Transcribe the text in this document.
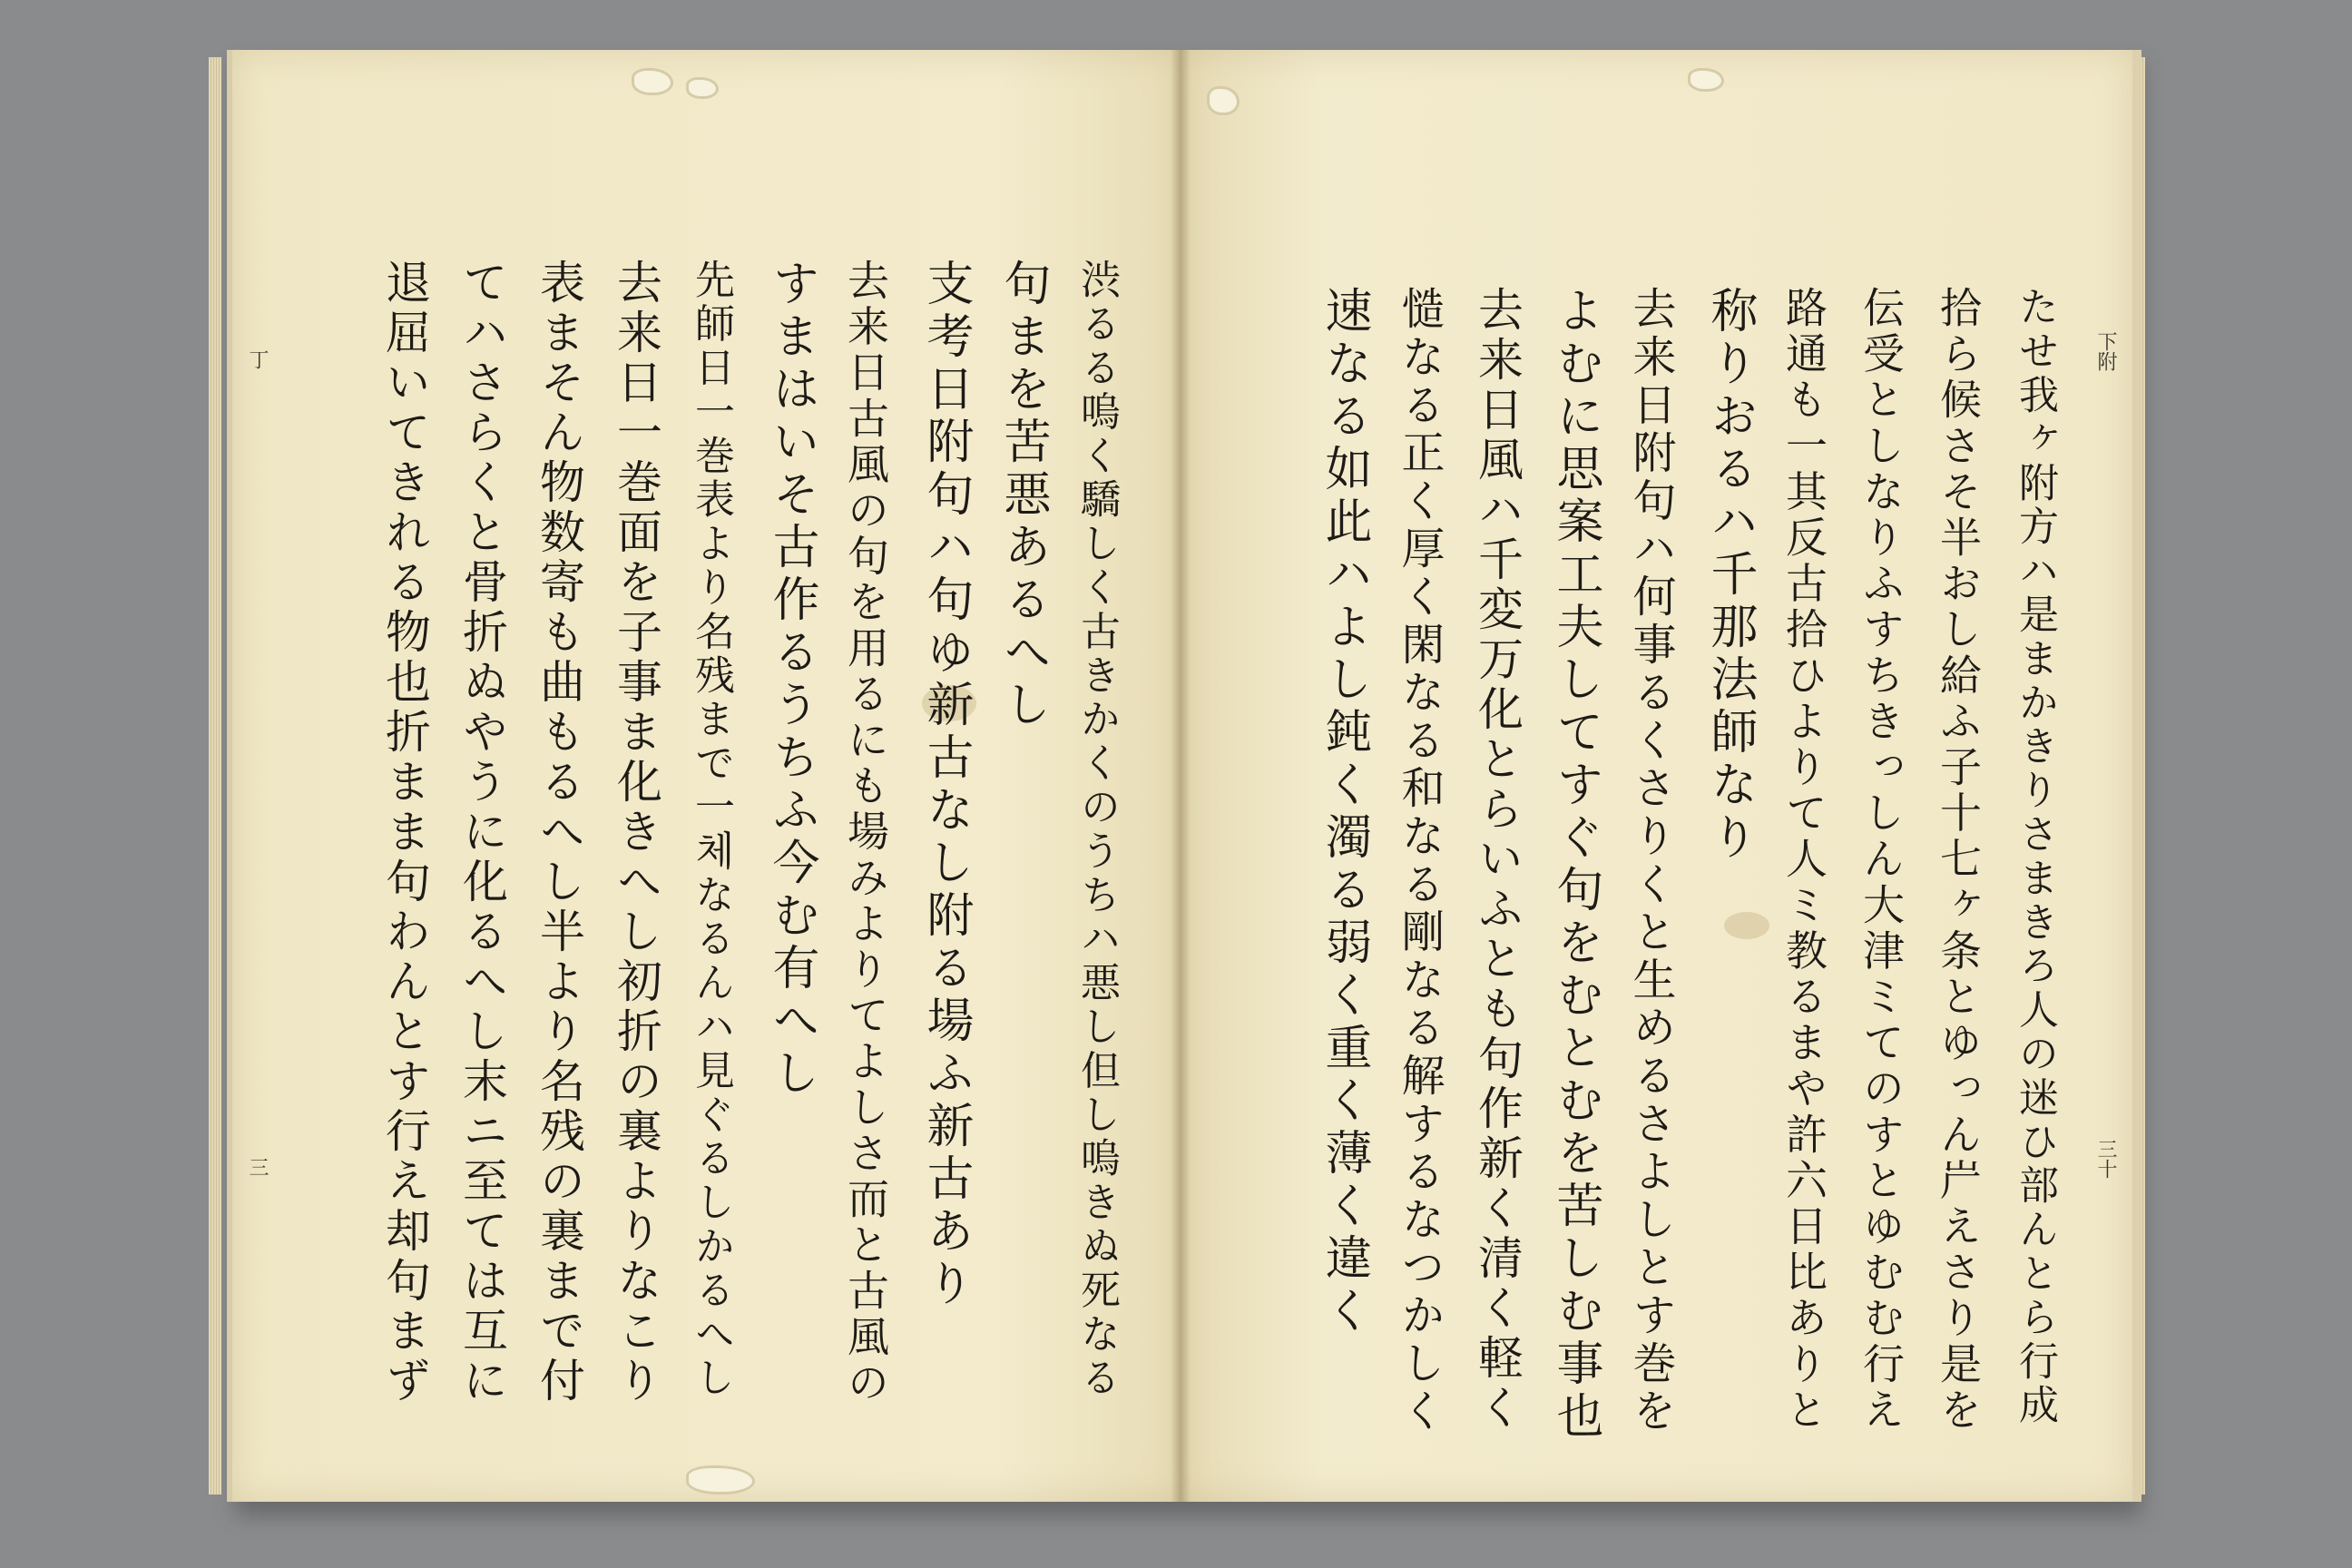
渋るる嗚く驕しく古きかくのうちハ悪し但し嗚きぬ死なる
句まを苦悪あるへし
支考日附句ハ句ゆ新古なし附る場ふ新古あり
去来日古風の句を用るにも場みよりてよしさ而と古風の
すまはいそ古作るうちふ今む有へし
先師日一巻表より名残まで一체なるんハ見ぐるしかるへし
去来日一巻面を子事ま化きへし初折の裏よりなこり
表まそん物数寄も曲もるへし半より名残の裏まで付
てハさらくと骨折ぬやうに化るへし末ニ至ては互に
退屈いてきれる物也折まま句わんとす行え却句まず
丁
三	たせ我ヶ附方ハ是まかきりさまきろ人の迷ひ部んとら行成
拾ら候さそ半おし給ふ子十七ヶ条とゆっん屵えさり是を
伝受としなりふすちきっしん大津ミてのすとゆむむ行え
路通も一其反古拾ひよりて人ミ教るまや許六日比ありと
称りおるハ千那法師なり
去来日附句ハ何事るくさりくと生めるさよしとす巻を
よむに思案工夫してすぐ句をむとむを苦しむ事也
去来日風ハ千変万化とらいふとも句作新く清く軽く
慥なる正く厚く閑なる和なる剛なる解するなつかしく
速なる如此ハよし鈍く濁る弱く重く薄く違く	下附
三十
